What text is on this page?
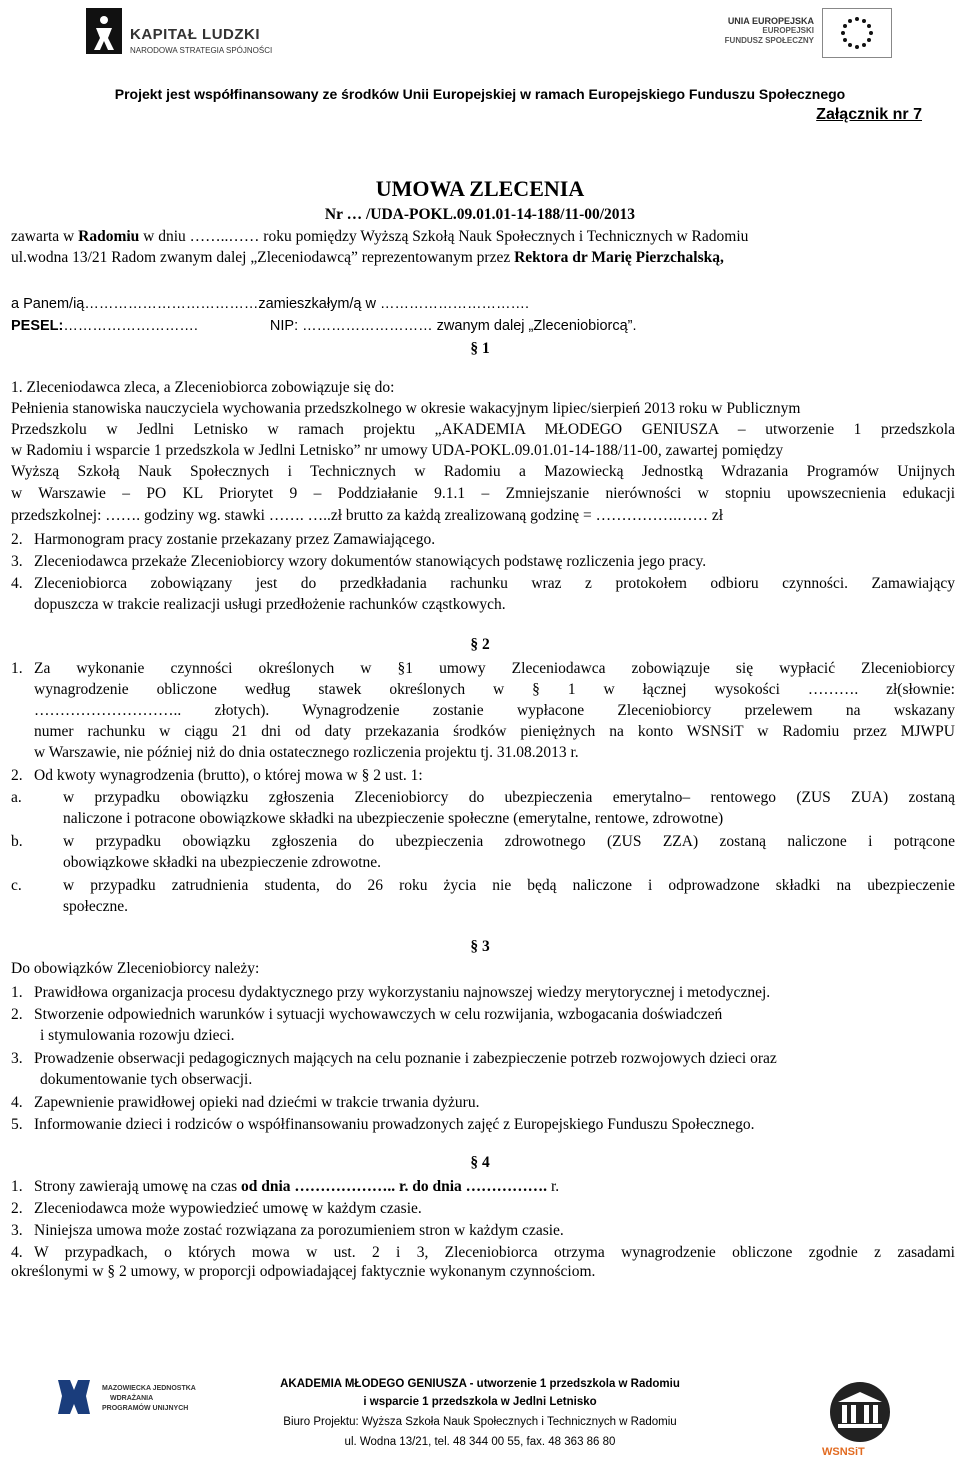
KAPITAŁ LUDZKI
NARODOWA STRATEGIA SPÓJNOŚCI
UNIA EUROPEJSKA
EUROPEJSKI
FUNDUSZ SPOŁECZNY
Projekt jest współfinansowany ze środków Unii Europejskiej w ramach Europejskiego Funduszu Społecznego
Załącznik nr 7
UMOWA ZLECENIA
Nr … /UDA-POKL.09.01.01-14-188/11-00/2013
zawarta w Radomiu w dniu ……..…… roku pomiędzy Wyższą Szkołą Nauk Społecznych i Technicznych w Radomiu
ul.wodna 13/21 Radom zwanym dalej „Zleceniodawcą” reprezentowanym przez Rektora dr Marię Pierzchalską,
a Panem/ią………………………………zamieszkałym/ą w ………………………….
PESEL:……………………….	NIP: ……………………… zwanym dalej „Zleceniobiorcą”.
§ 1
1. Zleceniodawca zleca, a Zleceniobiorca zobowiązuje się do:
Pełnienia stanowiska nauczyciela wychowania przedszkolnego w okresie wakacyjnym lipiec/sierpień 2013 roku w Publicznym
Przedszkolu w Jedlni Letnisko w ramach projektu „AKADEMIA MŁODEGO GENIUSZA – utworzenie 1 przedszkola
w Radomiu i wsparcie 1 przedszkola w Jedlni Letnisko” nr umowy UDA-POKL.09.01.01-14-188/11-00, zawartej pomiędzy
Wyższą Szkołą Nauk Społecznych i Technicznych w Radomiu a Mazowiecką Jednostką Wdrazania Programów Unijnych
w Warszawie – PO KL Priorytet 9 – Poddziałanie 9.1.1 – Zmniejszanie nierówności w stopniu upowszecnienia edukacji
przedszkolnej: ……. godziny wg. stawki ……. …..zł brutto za każdą zrealizowaną godzinę = …………….…… zł
2. Harmonogram pracy zostanie przekazany przez Zamawiającego.
3. Zleceniodawca przekaże Zleceniobiorcy wzory dokumentów stanowiących podstawę rozliczenia jego pracy.
4. Zleceniobiorca zobowiązany jest do przedkładania rachunku wraz z protokołem odbioru czynności. Zamawiający
dopuszcza w trakcie realizacji usługi przedłożenie rachunków cząstkowych.
§ 2
1. Za wykonanie czynności określonych w §1 umowy Zleceniodawca zobowiązuje się wypłacić Zleceniobiorcy
wynagrodzenie obliczone według stawek określonych w § 1 w łącznej wysokości ………. zł(słownie:
……………………….. złotych). Wynagrodzenie zostanie wypłacone Zleceniobiorcy przelewem na wskazany
numer rachunku w ciągu 21 dni od daty przekazania środków pieniężnych na konto WSNSiT w Radomiu przez MJWPU
w Warszawie, nie później niż do dnia ostatecznego rozliczenia projektu tj. 31.08.2013 r.
2. Od kwoty wynagrodzenia (brutto), o której mowa w § 2 ust. 1:
a.	w przypadku obowiązku zgłoszenia Zleceniobiorcy do ubezpieczenia emerytalno– rentowego (ZUS ZUA) zostaną
naliczone i potracone obowiązkowe składki na ubezpieczenie społeczne (emerytalne, rentowe, zdrowotne)
b.	w przypadku obowiązku zgłoszenia do ubezpieczenia zdrowotnego (ZUS ZZA) zostaną naliczone i potrącone
obowiązkowe składki na ubezpieczenie zdrowotne.
c.	w przypadku zatrudnienia studenta, do 26 roku życia nie będą naliczone i odprowadzone składki na ubezpieczenie
społeczne.
§ 3
Do obowiązków Zleceniobiorcy należy:
1. Prawidłowa organizacja procesu dydaktycznego przy wykorzystaniu najnowszej wiedzy merytorycznej i metodycznej.
2. Stworzenie odpowiednich warunków i sytuacji wychowawczych w celu rozwijania, wzbogacania doświadczeń
i stymulowania rozowju dzieci.
3. Prowadzenie obserwacji pedagogicznych mających na celu poznanie i zabezpieczenie potrzeb rozwojowych dzieci oraz
dokumentowanie tych obserwacji.
4. Zapewnienie prawidłowej opieki nad dziećmi w trakcie trwania dyżuru.
5. Informowanie dzieci i rodziców o współfinansowaniu prowadzonych zajęć z Europejskiego Funduszu Społecznego.
§ 4
1. Strony zawierają umowę na czas od dnia ……………….. r. do dnia ……………. r.
2. Zleceniodawca może wypowiedzieć umowę w każdym czasie.
3. Niniejsza umowa może zostać rozwiązana za porozumieniem stron w każdym czasie.
4. W przypadkach, o których mowa w ust. 2 i 3, Zleceniobiorca otrzyma wynagrodzenie obliczone zgodnie z zasadami
określonymi w § 2 umowy, w proporcji odpowiadającej faktycznie wykonanym czynnościom.
MAZOWIECKA JEDNOSTKA
WDRAŻANIA
PROGRAMÓW UNIJNYCH
AKADEMIA MŁODEGO GENIUSZA - utworzenie 1 przedszkola w Radomiu
i wsparcie 1 przedszkola w Jedlni Letnisko
Biuro Projektu: Wyższa Szkoła Nauk Społecznych i Technicznych w Radomiu
ul. Wodna 13/21, tel. 48 344 00 55, fax. 48 363 86 80
WSNSiT
